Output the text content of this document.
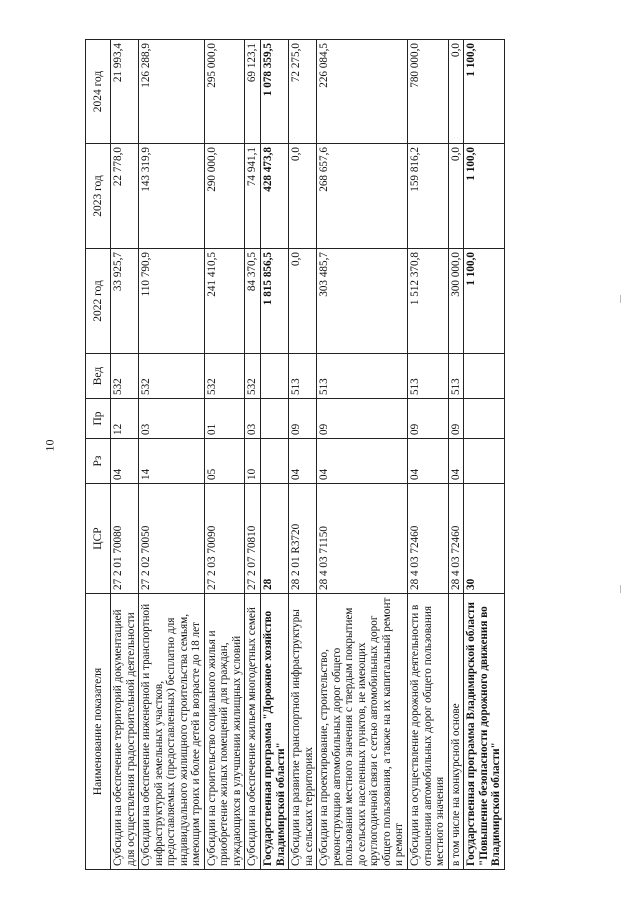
10
Наименование показателя	ЦСР	Рз	Пр	Вед	2022 год	2023 год	2024 год
Субсидии на обеспечение территорий документацией для осуществления градостроительной деятельности	27 2 01 70080	04	12	532	33 925,7	22 778,0	21 993,4
Субсидии на обеспечение инженерной и транспортной инфраструктурой земельных участков, предоставляемых (предоставленных) бесплатно для индивидуального жилищного строительства семьям, имеющим троих и более детей в возрасте до 18 лет	27 2 02 70050	14	03	532	110 790,9	143 319,9	126 288,9
Субсидии на строительство социального жилья и приобретение жилых помещений для граждан, нуждающихся в улучшении жилищных условий	27 2 03 70090	05	01	532	241 410,5	290 000,0	295 000,0
Субсидии на обеспечение жильем многодетных семей	27 2 07 70810	10	03	532	84 370,5	74 941,1	69 123,1
Государственная программа "Дорожное хозяйство Владимирской области"	28				1 815 856,5	428 473,8	1 078 359,5
Субсидии на развитие транспортной инфраструктуры на сельских территориях	28 2 01 R3720	04	09	513	0,0	0,0	72 275,0
Субсидии на проектирование, строительство, реконструкцию автомобильных дорог общего пользования местного значения с твердым покрытием до сельских населенных пунктов, не имеющих круглогодичной связи с сетью автомобильных дорог общего пользования, а также на их капитальный ремонт и ремонт	28 4 03 71150	04	09	513	303 485,7	268 657,6	226 084,5
Субсидии на осуществление дорожной деятельности в отношении автомобильных дорог общего пользования местного значения	28 4 03 72460	04	09	513	1 512 370,8	159 816,2	780 000,0
в том числе на конкурсной основе	28 4 03 72460	04	09	513	300 000,0	0,0	0,0
Государственная программа Владимирской области "Повышение безопасности дорожного движения во Владимирской области"	30				1 100,0	1 100,0	1 100,0
